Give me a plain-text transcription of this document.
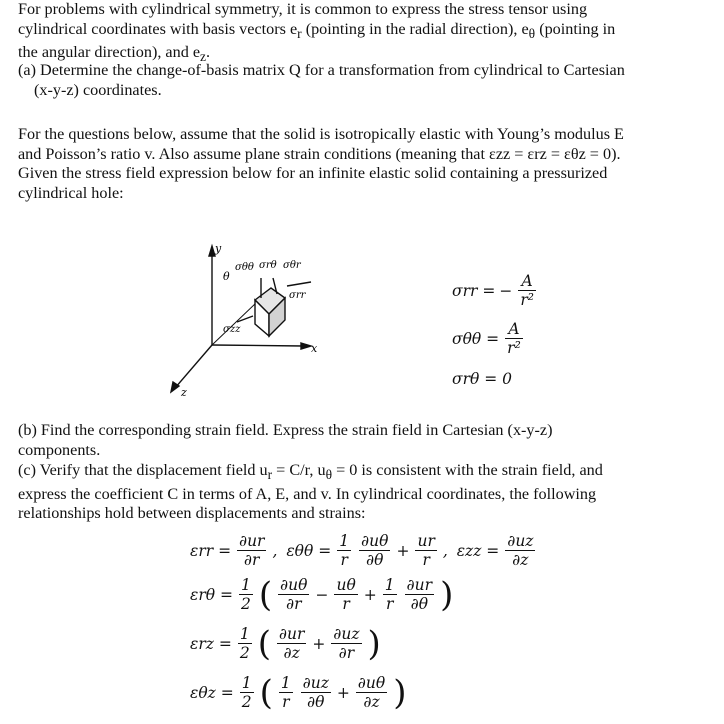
For problems with cylindrical symmetry, it is common to express the stress tensor using
cylindrical coordinates with basis vectors $e_r$ (pointing in the radial direction), $e_\theta$ (pointing in
the angular direction), and $e_z$.
(a) Determine the change-of-basis matrix Q for a transformation from cylindrical to Cartesian

(x-y-z) coordinates.
For the questions below, assume that the solid is isotropically elastic with Young’s modulus E
and Poisson’s ratio v. Also assume plane strain conditions (meaning that εzz = εrz = εθz = 0).
Given the stress field expression below for an infinite elastic solid containing a pressurized
cylindrical hole:
y
x
z
θ
σθθ σrθ σθr
σrr
σzz
σrr = − $\frac{A}{\text{r²}}$
$\sigma\theta\theta = \frac{A}{\text{r²}}$
σrθ = 0
(b) Find the corresponding strain field. Express the strain field in Cartesian (x-y-z)
components.
(c) Verify that the displacement field $u_r = C/r$, $u_\theta = 0$ is consistent with the strain field, and
express the coefficient C in terms of A, E, and v. In cylindrical coordinates, the following
relationships hold between displacements and strains:
$\varepsilon rr = \frac{\partial ur}{\partial r}$ , $\varepsilon\theta\theta = \frac{1}{r} \frac{\partial u\theta}{\partial\theta} + \frac{ur}{r}$ , $\varepsilon zz = \frac{\partial uz}{\partial z}$
$\varepsilon r\theta = \frac{1}{2}$ ( $\frac{\partial u\theta}{\partial r} - \frac{u\theta}{r} + \frac{1}{r} \frac{\partial ur}{\partial\theta}$ )
$\varepsilon rz = \frac{1}{2}$ ( $\frac{\partial ur}{\partial z} + \frac{\partial uz}{\partial r}$ )
$\varepsilon\theta z = \frac{1}{2}$ ( $\frac{1}{r} \frac{\partial uz}{\partial\theta} + \frac{\partial u\theta}{\partial z}$ )
